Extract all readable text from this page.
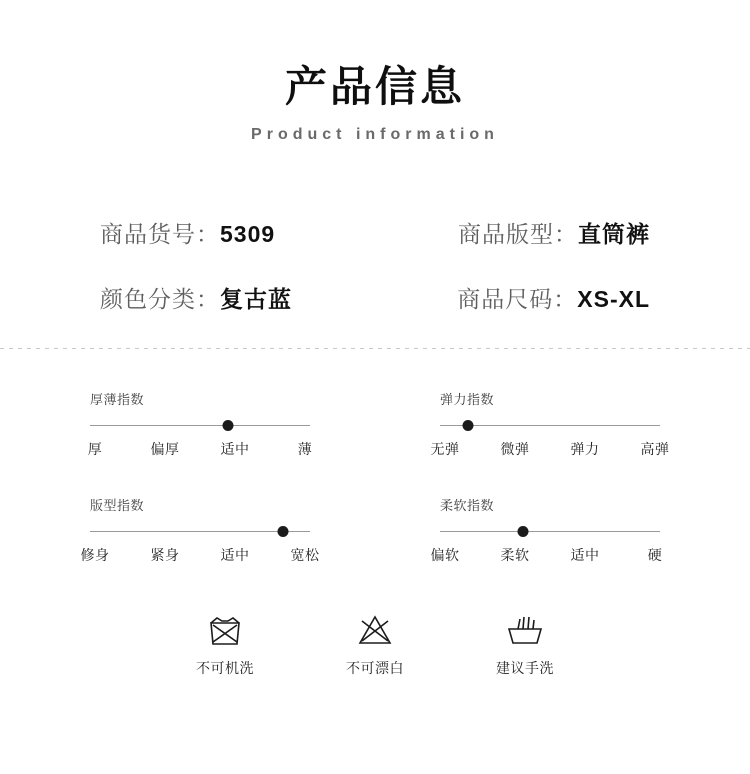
产品信息
Product information
商品货号： 5309	商品版型： 直筒裤
颜色分类： 复古蓝	商品尺码： XS-XL
厚薄指数
厚	偏厚	适中	薄
弹力指数
无弹	微弹	弹力	高弹
版型指数
修身	紧身	适中	宽松
柔软指数
偏软	柔软	适中	硬
不可机洗	不可漂白	建议手洗
